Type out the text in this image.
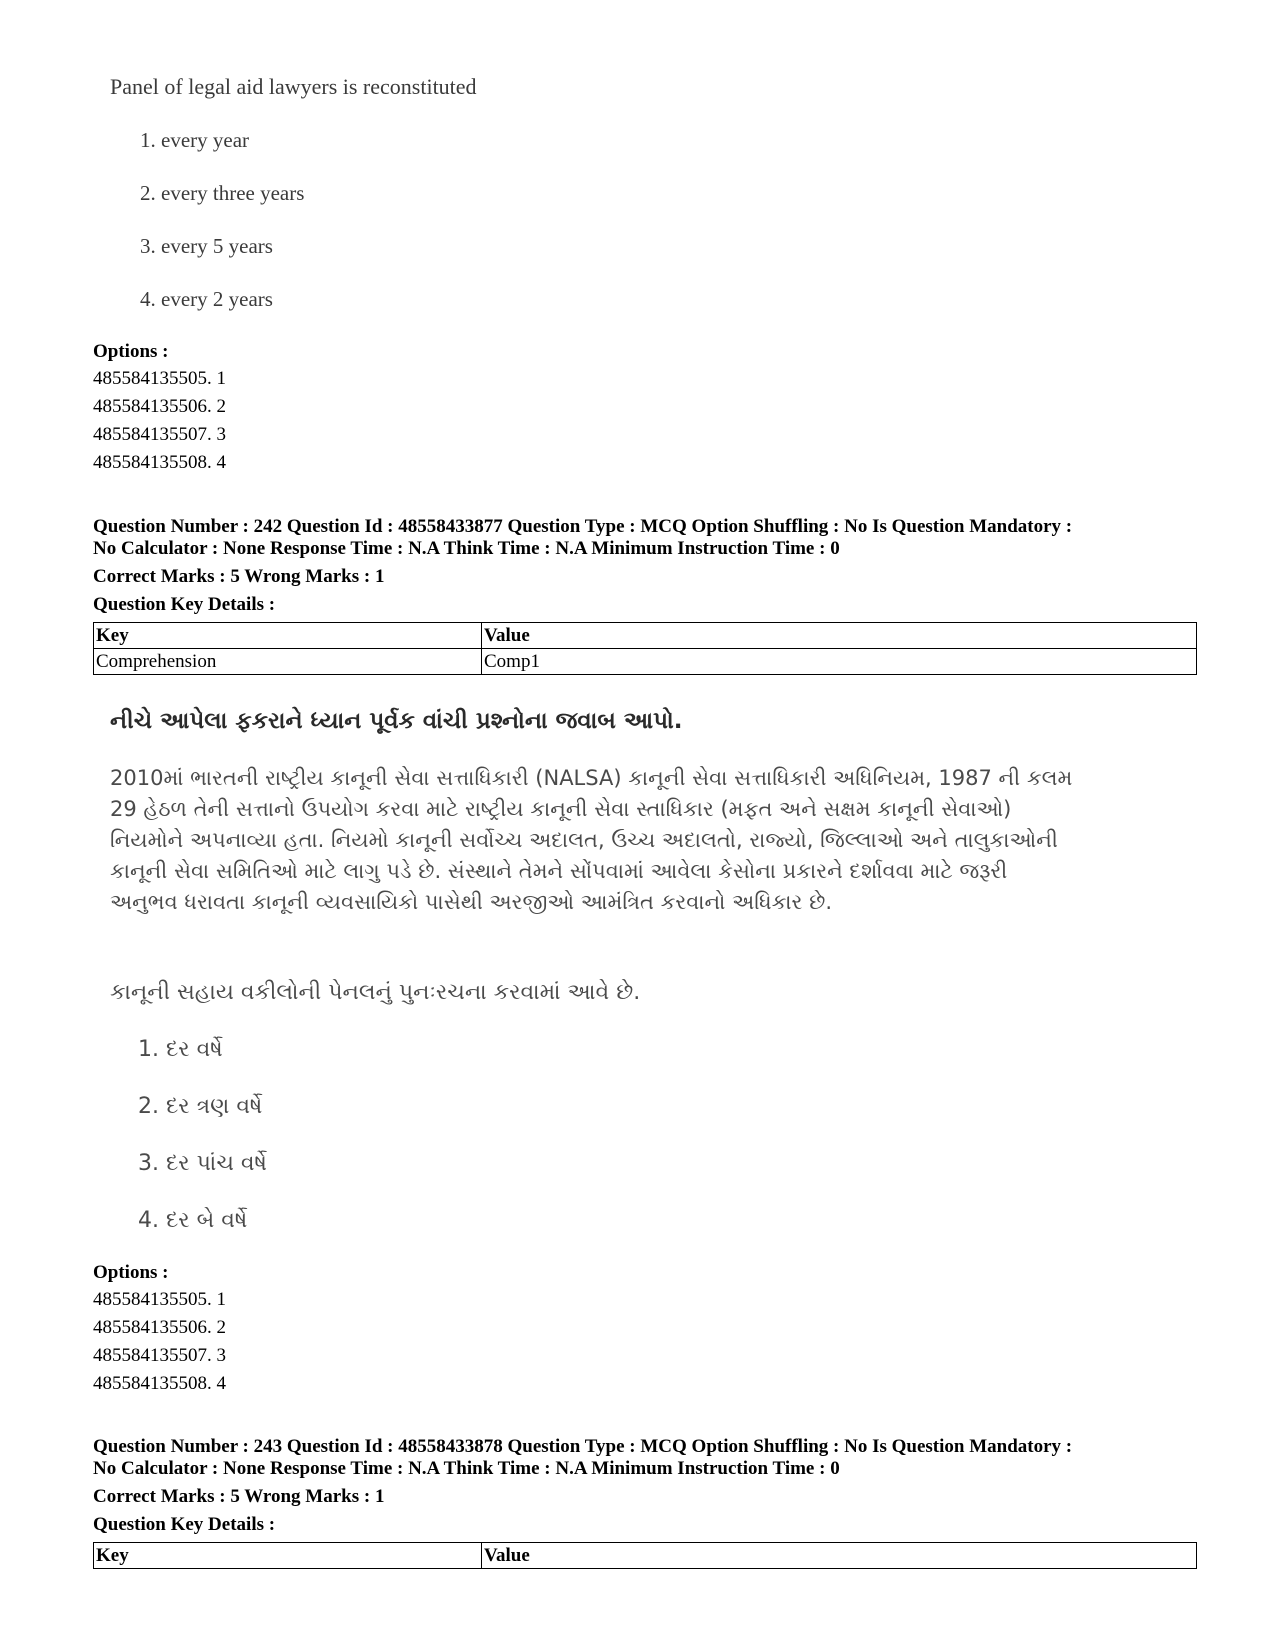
Panel of legal aid lawyers is reconstituted
1. every year
2. every three years
3. every 5 years
4. every 2 years
Options :
485584135505. 1
485584135506. 2
485584135507. 3
485584135508. 4
Question Number : 242 Question Id : 48558433877 Question Type : MCQ Option Shuffling : No Is Question Mandatory :
No Calculator : None Response Time : N.A Think Time : N.A Minimum Instruction Time : 0
Correct Marks : 5 Wrong Marks : 1
Question Key Details :
Key	Value
Comprehension	Comp1
નીચે આપેલા ફકરાને ધ્યાન પૂર્વક વાંચી પ્રશ્નોના જવાબ આપો.
2010માં ભારતની રાષ્ટ્રીય કાનૂની સેવા સત્તાધિકારી (NALSA) કાનૂની સેવા સત્તાધિકારી અધિનિયમ, 1987 ની કલમ
29 હેઠળ તેની સત્તાનો ઉપયોગ કરવા માટે રાષ્ટ્રીય કાનૂની સેવા સ્તાધિકાર (મફત અને સક્ષમ કાનૂની સેવાઓ)
નિયમોને અપનાવ્યા હતા. નિયમો કાનૂની સર્વોચ્ચ અદાલત, ઉચ્ચ અદાલતો, રાજ્યો, જિલ્લાઓ અને તાલુકાઓની
કાનૂની સેવા સમિતિઓ માટે લાગુ પડે છે. સંસ્થાને તેમને સોંપવામાં આવેલા કેસોના પ્રકારને દર્શાવવા માટે જરૂરી
અનુભવ ધરાવતા કાનૂની વ્યવસાયિકો પાસેથી અરજીઓ આમંત્રિત કરવાનો અધિકાર છે.
કાનૂની સહાય વકીલોની પેનલનું પુનઃરચના કરવામાં આવે છે.
1. દર વર્ષે
2. દર ત્રણ વર્ષે
3. દર પાંચ વર્ષે
4. દર બે વર્ષે
Options :
485584135505. 1
485584135506. 2
485584135507. 3
485584135508. 4
Question Number : 243 Question Id : 48558433878 Question Type : MCQ Option Shuffling : No Is Question Mandatory :
No Calculator : None Response Time : N.A Think Time : N.A Minimum Instruction Time : 0
Correct Marks : 5 Wrong Marks : 1
Question Key Details :
Key	Value
